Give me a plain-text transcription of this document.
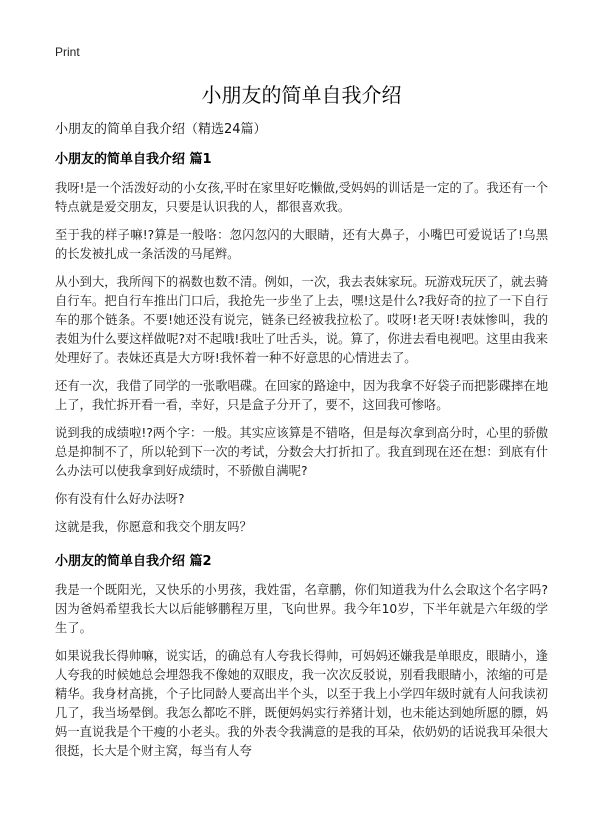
Print
小朋友的简单自我介绍
小朋友的简单自我介绍（精选24篇）
小朋友的简单自我介绍 篇1

我呀!是一个活泼好动的小女孩,平时在家里好吃懒做,受妈妈的训话是一定的了。我还有一个特点就是爱交朋友，只要是认识我的人，都很喜欢我。

至于我的样子嘛!?算是一般咯：忽闪忽闪的大眼睛，还有大鼻子，小嘴巴可爱说话了!乌黑的长发被扎成一条活泼的马尾辫。

从小到大，我所闯下的祸数也数不清。例如，一次，我去表妹家玩。玩游戏玩厌了，就去骑自行车。把自行车推出门口后，我抢先一步坐了上去，嘿!这是什么?我好奇的拉了一下自行车的那个链条。不要!她还没有说完，链条已经被我拉松了。哎呀!老天呀!表妹惨叫，我的表姐为什么要这样做呢?对不起哦!我吐了吐舌头，说。算了，你进去看电视吧。这里由我来处理好了。表妹还真是大方呀!我怀着一种不好意思的心情进去了。

还有一次，我借了同学的一张歌唱碟。在回家的路途中，因为我拿不好袋子而把影碟摔在地上了，我忙拆开看一看，幸好，只是盒子分开了，要不，这回我可惨咯。

说到我的成绩啦!?两个字：一般。其实应该算是不错咯，但是每次拿到高分时，心里的骄傲总是抑制不了，所以轮到下一次的考试，分数会大打折扣了。我直到现在还在想：到底有什么办法可以使我拿到好成绩时，不骄傲自满呢?

你有没有什么好办法呀?

这就是我，你愿意和我交个朋友吗？

小朋友的简单自我介绍 篇2

我是一个既阳光，又快乐的小男孩，我姓雷，名章鹏，你们知道我为什么会取这个名字吗?因为爸妈希望我长大以后能够鹏程万里，飞向世界。我今年10岁，下半年就是六年级的学生了。

如果说我长得帅嘛，说实话，的确总有人夸我长得帅，可妈妈还嫌我是单眼皮，眼睛小，逢人夸我的时候她总会埋怨我不像她的双眼皮，我一次次反驳说，别看我眼睛小，浓缩的可是精华。我身材高挑，个子比同龄人要高出半个头，以至于我上小学四年级时就有人问我读初几了，我当场晕倒。我怎么都吃不胖，既便妈妈实行养猪计划，也未能达到她所愿的膘，妈妈一直说我是个干瘦的小老头。我的外表令我满意的是我的耳朵，依奶奶的话说我耳朵很大很挺，长大是个财主窝，每当有人夸
